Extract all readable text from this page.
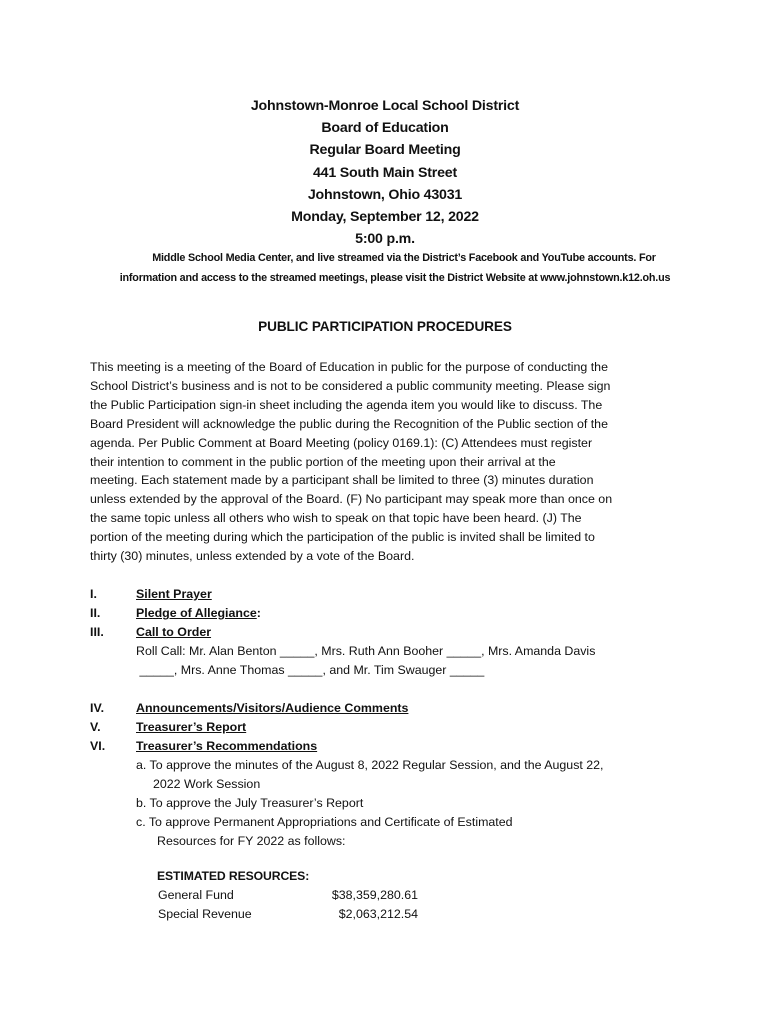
Johnstown-Monroe Local School District
Board of Education
Regular Board Meeting
441 South Main Street
Johnstown, Ohio 43031
Monday, September 12, 2022
5:00 p.m.
Middle School Media Center, and live streamed via the District’s Facebook and YouTube accounts. For
information and access to the streamed meetings, please visit the District Website at www.johnstown.k12.oh.us
PUBLIC PARTICIPATION PROCEDURES
This meeting is a meeting of the Board of Education in public for the purpose of conducting the
School District’s business and is not to be considered a public community meeting. Please sign
the Public Participation sign-in sheet including the agenda item you would like to discuss. The
Board President will acknowledge the public during the Recognition of the Public section of the
agenda. Per Public Comment at Board Meeting (policy 0169.1): (C) Attendees must register
their intention to comment in the public portion of the meeting upon their arrival at the
meeting. Each statement made by a participant shall be limited to three (3) minutes duration
unless extended by the approval of the Board. (F) No participant may speak more than once on
the same topic unless all others who wish to speak on that topic have been heard. (J) The
portion of the meeting during which the participation of the public is invited shall be limited to
thirty (30) minutes, unless extended by a vote of the Board.
I.	Silent Prayer
II.	Pledge of Allegiance:
III.	Call to Order
Roll Call: Mr. Alan Benton _____, Mrs. Ruth Ann Booher _____, Mrs. Amanda Davis
_____, Mrs. Anne Thomas _____, and Mr. Tim Swauger _____
IV.	Announcements/Visitors/Audience Comments
V.	Treasurer’s Report
VI. Treasurer’s Recommendations
a. To approve the minutes of the August 8, 2022 Regular Session, and the August 22,
2022 Work Session
b. To approve the July Treasurer’s Report
c. To approve Permanent Appropriations and Certificate of Estimated
Resources for FY 2022 as follows:
ESTIMATED RESOURCES:
General Fund	$38,359,280.61
Special Revenue	$2,063,212.54
